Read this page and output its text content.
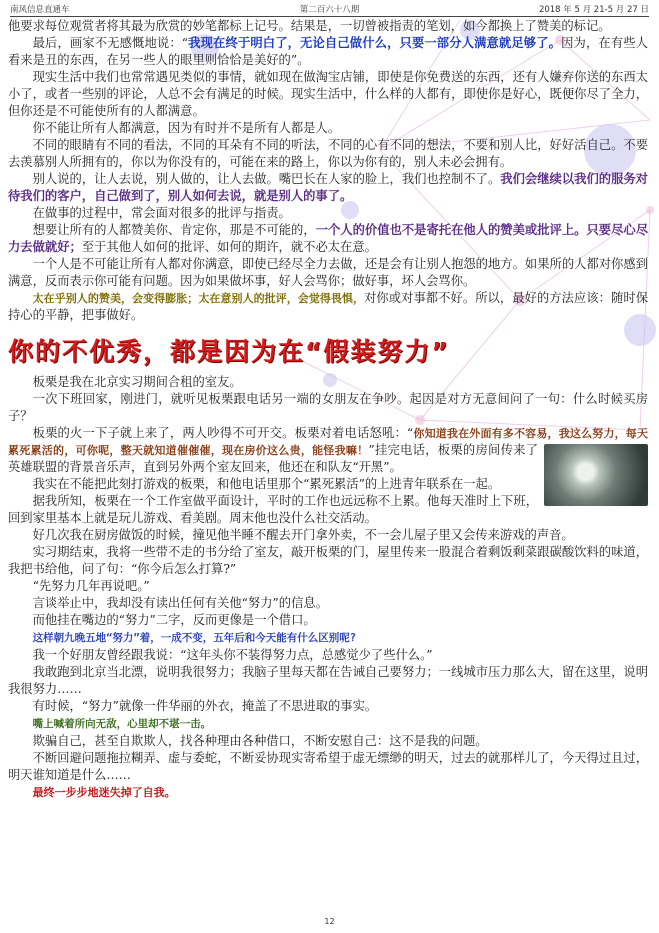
南风信息直通车	第二百六十八期	2018 年 5 月 21-5 月 27 日

他要求每位观赏者将其最为欣赏的妙笔都标上记号。结果是，一切曾被指责的笔划，如今都换上了赞美的标记。

最后，画家不无感慨地说：“我现在终于明白了，无论自己做什么，只要一部分人满意就足够了。因为，在有些人看来是丑的东西，在另一些人的眼里则恰恰是美好的”。

现实生活中我们也常常遇见类似的事情，就如现在做淘宝店铺，即使是你免费送的东西，还有人嫌弃你送的东西太小了，或者一些别的评论，人总不会有满足的时候。现实生活中，什么样的人都有，即使你是好心，既便你尽了全力，但你还是不可能使所有的人都满意。

你不能让所有人都满意，因为有时并不是所有人都是人。

不同的眼睛有不同的看法，不同的耳朵有不同的听法，不同的心有不同的想法，不要和别人比，好好活自己。不要去羡慕别人所拥有的，你以为你没有的，可能在来的路上，你以为你有的，别人未必会拥有。

别人说的，让人去说，别人做的，让人去做。嘴巴长在人家的脸上，我们也控制不了。我们会继续以我们的服务对待我们的客户，自己做到了，别人如何去说，就是别人的事了。

在做事的过程中，常会面对很多的批评与指责。

想要让所有的人都赞美你、肯定你，那是不可能的，一个人的价值也不是寄托在他人的赞美或批评上。只要尽心尽力去做就好；至于其他人如何的批评、如何的期许，就不必太在意。

一个人是不可能让所有人都对你满意，即使已经尽全力去做，还是会有让别人抱怨的地方。如果所的人都对你感到满意，反而表示你可能有问题。因为如果做坏事，好人会骂你；做好事，坏人会骂你。

太在乎别人的赞美，会变得膨胀；太在意别人的批评，会觉得畏惧，对你或对事都不好。所以，最好的方法应该：随时保持心的平静，把事做好。

你的不优秀，都是因为在“假装努力”

板栗是我在北京实习期间合租的室友。

一次下班回家，刚进门，就听见板栗跟电话另一端的女朋友在争吵。起因是对方无意间问了一句：什么时候买房子？

板栗的火一下子就上来了，两人吵得不可开交。板栗对着电话怒吼：“你知道我在外面有多不容易，我这么努力，每天累死累活的，可你呢，整天就知道催催催，现在房价这么贵，能怪我嘛！
”挂完电话，板栗的房间传来了英雄联盟的背景音乐声，直到另外两个室友回来，他还在和队友“开黑”。

我实在不能把此刻打游戏的板栗，和他电话里那个“累死累活”的上进青年联系在一起。

据我所知，板栗在一个工作室做平面设计，平时的工作也远远称不上累。他每天准时上下班，回到家里基本上就是玩儿游戏、看美剧。周末他也没什么社交活动。

好几次我在厨房做饭的时候，撞见他半睡不醒去开门拿外卖，不一会儿屋子里又会传来游戏的声音。

实习期结束，我将一些带不走的书分给了室友，敲开板栗的门，屋里传来一股混合着剩饭剩菜跟碳酸饮料的味道，我把书给他，问了句：“你今后怎么打算?”

“先努力几年再说吧。”

言谈举止中，我却没有读出任何有关他“努力”的信息。

而他挂在嘴边的“努力”二字，反而更像是一个借口。

这样朝九晚五地“努力”着，一成不变，五年后和今天能有什么区别呢?

我一个好朋友曾经跟我说：“这年头你不装得努力点，总感觉少了些什么。”

我敢跑到北京当北漂，说明我很努力；我脑子里每天都在告诫自己要努力；一线城市压力那么大，留在这里，说明我很努力……

有时候，“努力”就像一件华丽的外衣，掩盖了不思进取的事实。

嘴上喊着所向无敌，心里却不堪一击。

欺骗自己，甚至自欺欺人，找各种理由各种借口，不断安慰自己：这不是我的问题。

不断回避问题拖拉糊弄、虚与委蛇，不断妥协现实寄希望于虚无缥缈的明天，过去的就那样儿了，今天得过且过，明天谁知道是什么……

最终一步步地迷失掉了自我。

12
